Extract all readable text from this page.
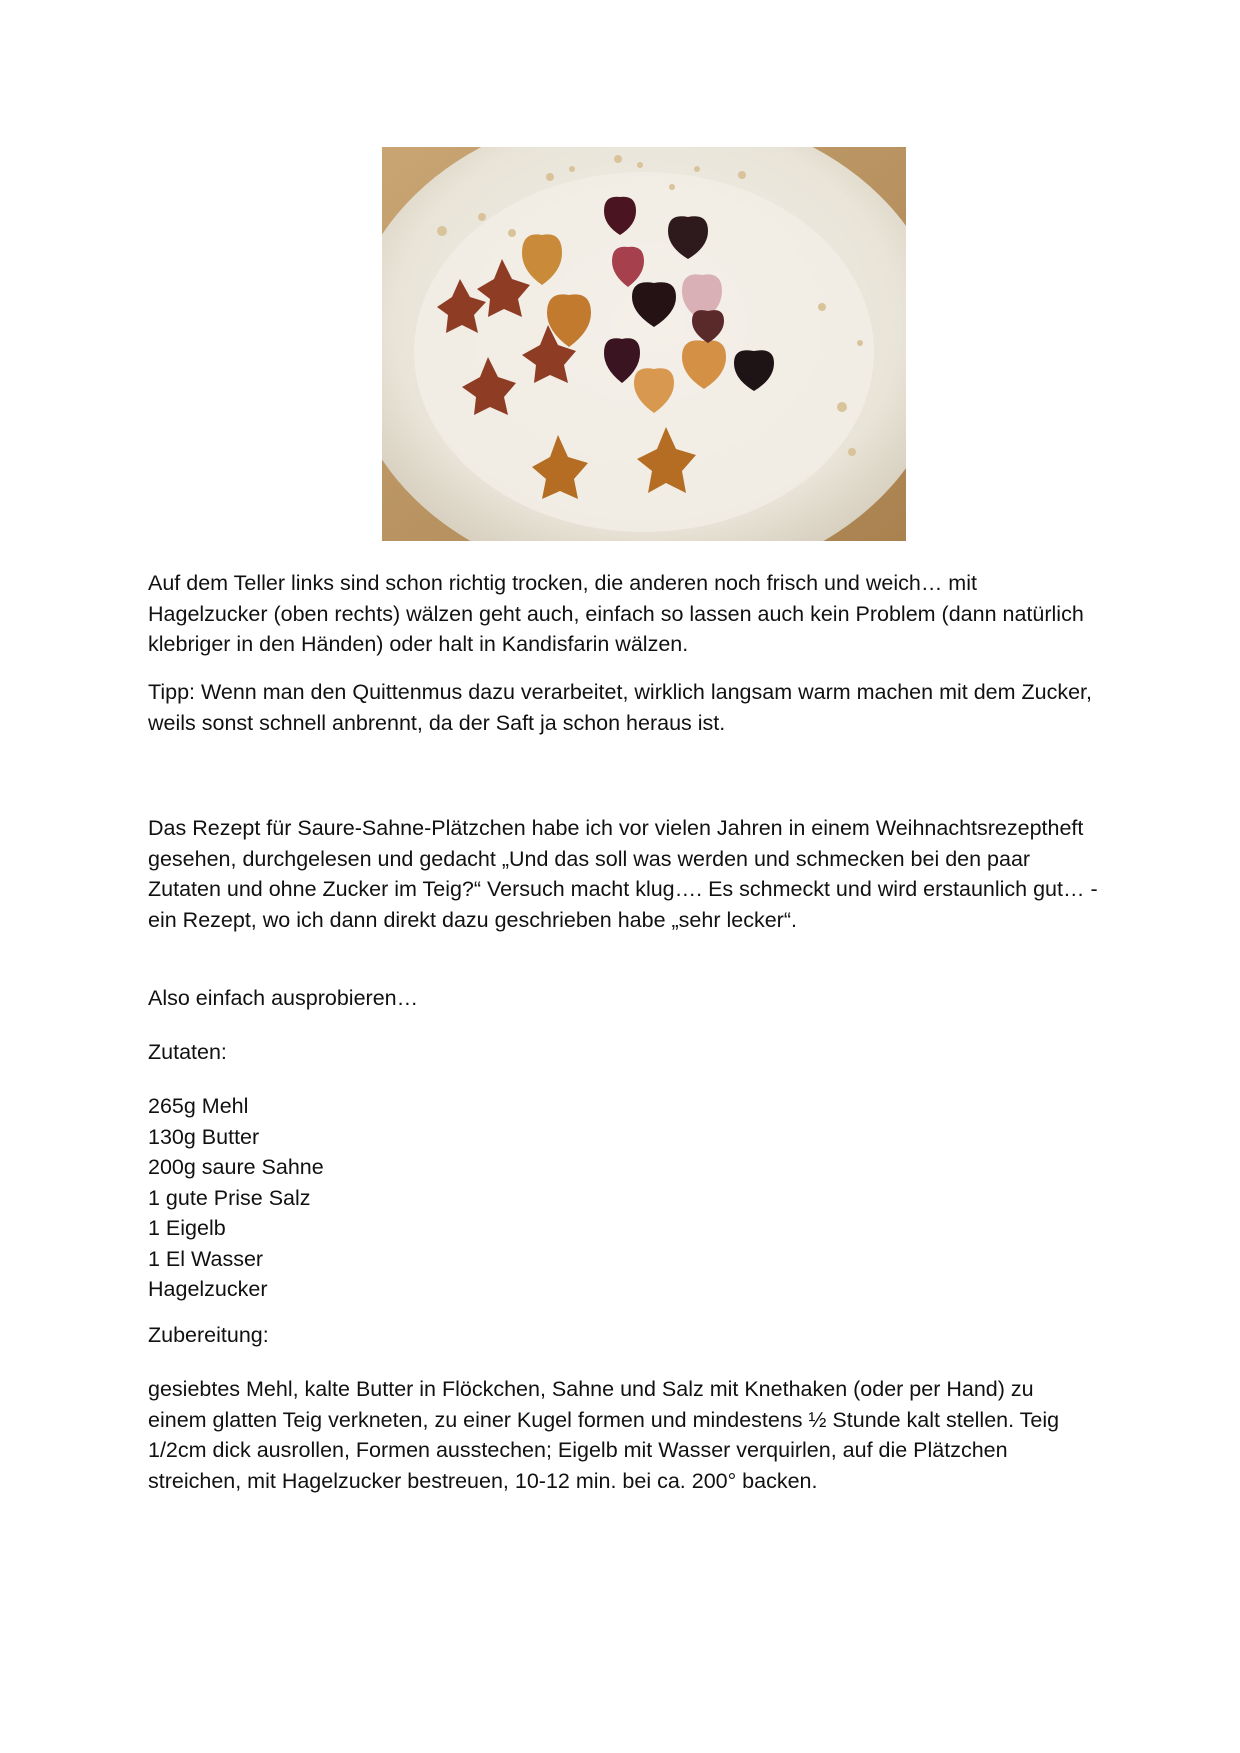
Auf dem Teller links sind schon richtig trocken, die anderen noch frisch und weich… mit Hagelzucker (oben rechts) wälzen geht auch, einfach so lassen auch kein Problem (dann natürlich klebriger in den Händen) oder halt in Kandisfarin wälzen.

Tipp: Wenn man den Quittenmus dazu verarbeitet, wirklich langsam warm machen mit dem Zucker, weils sonst schnell anbrennt, da der Saft ja schon heraus ist.

Das Rezept für Saure-Sahne-Plätzchen habe ich vor vielen Jahren in einem Weihnachtsrezeptheft gesehen, durchgelesen und gedacht „Und das soll was werden und schmecken bei den paar Zutaten und ohne Zucker im Teig?“ Versuch macht klug…. Es schmeckt und wird erstaunlich gut… - ein Rezept, wo ich dann direkt dazu geschrieben habe „sehr lecker“.

Also einfach ausprobieren…

Zutaten:

265g Mehl
130g Butter
200g saure Sahne
1 gute Prise Salz
1 Eigelb
1 El Wasser
Hagelzucker

Zubereitung:

gesiebtes Mehl, kalte Butter in Flöckchen, Sahne und Salz mit Knethaken (oder per Hand) zu einem glatten Teig verkneten, zu einer Kugel formen und mindestens ½ Stunde kalt stellen. Teig 1/2cm dick ausrollen, Formen ausstechen; Eigelb mit Wasser verquirlen, auf die Plätzchen streichen, mit Hagelzucker bestreuen, 10-12 min. bei ca. 200° backen.
